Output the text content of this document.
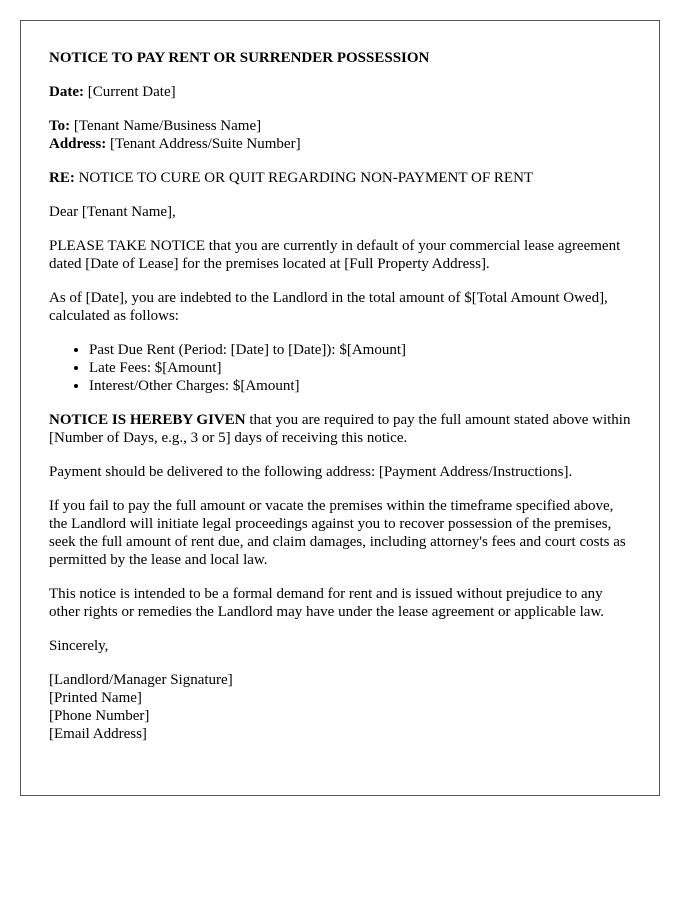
NOTICE TO PAY RENT OR SURRENDER POSSESSION

Date: [Current Date]

To: [Tenant Name/Business Name]
Address: [Tenant Address/Suite Number]

RE: NOTICE TO CURE OR QUIT REGARDING NON-PAYMENT OF RENT

Dear [Tenant Name],

PLEASE TAKE NOTICE that you are currently in default of your commercial lease agreement dated [Date of Lease] for the premises located at [Full Property Address].

As of [Date], you are indebted to the Landlord in the total amount of $[Total Amount Owed], calculated as follows:

• Past Due Rent (Period: [Date] to [Date]): $[Amount]
• Late Fees: $[Amount]
• Interest/Other Charges: $[Amount]

NOTICE IS HEREBY GIVEN that you are required to pay the full amount stated above within [Number of Days, e.g., 3 or 5] days of receiving this notice.

Payment should be delivered to the following address: [Payment Address/Instructions].

If you fail to pay the full amount or vacate the premises within the timeframe specified above, the Landlord will initiate legal proceedings against you to recover possession of the premises, seek the full amount of rent due, and claim damages, including attorney's fees and court costs as permitted by the lease and local law.

This notice is intended to be a formal demand for rent and is issued without prejudice to any other rights or remedies the Landlord may have under the lease agreement or applicable law.

Sincerely,

[Landlord/Manager Signature]

[Printed Name]

[Phone Number]

[Email Address]
